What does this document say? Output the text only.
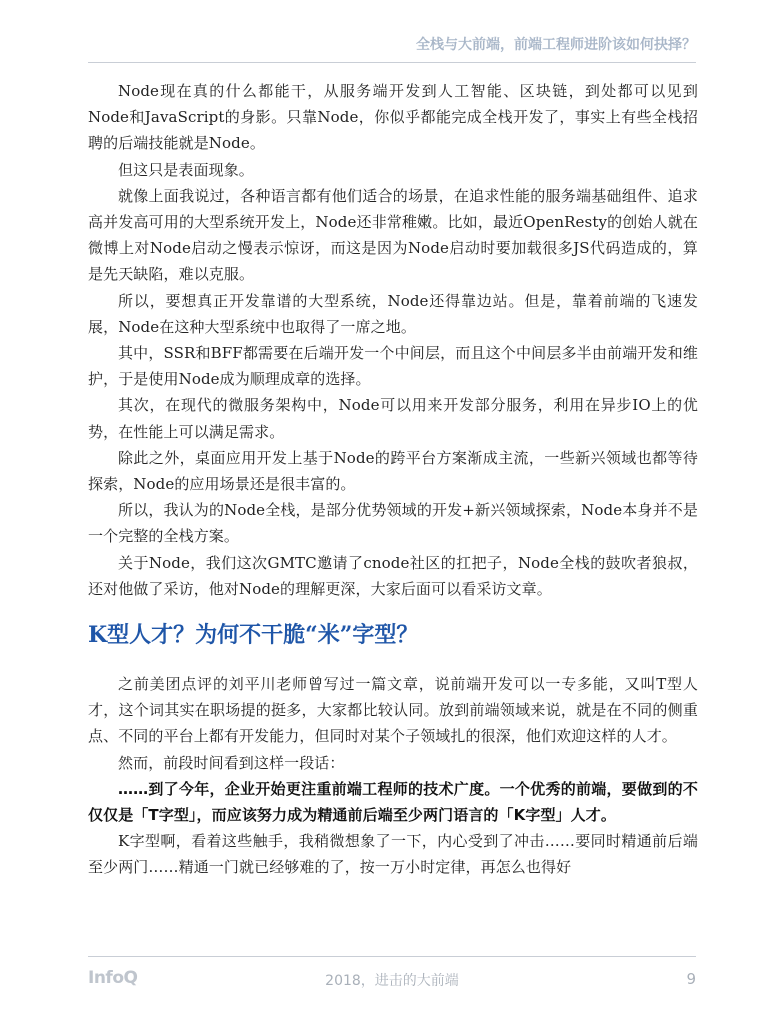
全栈与大前端，前端工程师进阶该如何抉择？

Node现在真的什么都能干，从服务端开发到人工智能、区块链，到处都可以见到Node和JavaScript的身影。只靠Node，你似乎都能完成全栈开发了，事实上有些全栈招聘的后端技能就是Node。

但这只是表面现象。

就像上面我说过，各种语言都有他们适合的场景，在追求性能的服务端基础组件、追求高并发高可用的大型系统开发上，Node还非常稚嫩。比如，最近OpenResty的创始人就在微博上对Node启动之慢表示惊讶，而这是因为Node启动时要加载很多JS代码造成的，算是先天缺陷，难以克服。

所以，要想真正开发靠谱的大型系统，Node还得靠边站。但是，靠着前端的飞速发展，Node在这种大型系统中也取得了一席之地。

其中，SSR和BFF都需要在后端开发一个中间层，而且这个中间层多半由前端开发和维护，于是使用Node成为顺理成章的选择。

其次，在现代的微服务架构中，Node可以用来开发部分服务，利用在异步IO上的优势，在性能上可以满足需求。

除此之外，桌面应用开发上基于Node的跨平台方案渐成主流，一些新兴领域也都等待探索，Node的应用场景还是很丰富的。

所以，我认为的Node全栈，是部分优势领域的开发+新兴领域探索，Node本身并不是一个完整的全栈方案。

关于Node，我们这次GMTC邀请了cnode社区的扛把子，Node全栈的鼓吹者狼叔，还对他做了采访，他对Node的理解更深，大家后面可以看采访文章。

K型人才？为何不干脆“米”字型？

之前美团点评的刘平川老师曾写过一篇文章，说前端开发可以一专多能，又叫T型人才，这个词其实在职场提的挺多，大家都比较认同。放到前端领域来说，就是在不同的侧重点、不同的平台上都有开发能力，但同时对某个子领域扎的很深，他们欢迎这样的人才。

然而，前段时间看到这样一段话：

……到了今年，企业开始更注重前端工程师的技术广度。一个优秀的前端，要做到的不仅仅是「T字型」，而应该努力成为精通前后端至少两门语言的「K字型」人才。

K字型啊，看着这些触手，我稍微想象了一下，内心受到了冲击……要同时精通前后端至少两门……精通一门就已经够难的了，按一万小时定律，再怎么也得好

InfoQ	2018，进击的大前端	9
